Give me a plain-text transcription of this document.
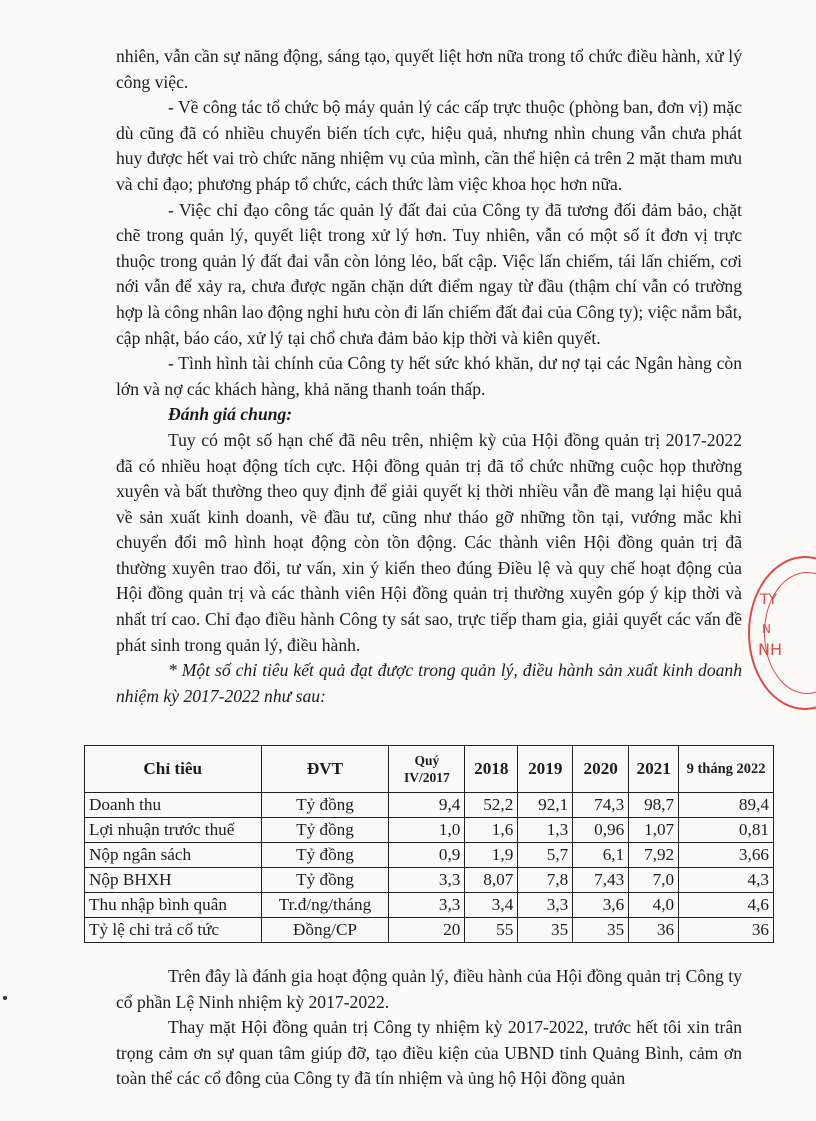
nhiên, vẫn cần sự năng động, sáng tạo, quyết liệt hơn nữa trong tổ chức điều hành, xử lý công việc.

- Về công tác tổ chức bộ máy quản lý các cấp trực thuộc (phòng ban, đơn vị) mặc dù cũng đã có nhiều chuyển biến tích cực, hiệu quả, nhưng nhìn chung vẫn chưa phát huy được hết vai trò chức năng nhiệm vụ của mình, cần thể hiện cả trên 2 mặt tham mưu và chỉ đạo; phương pháp tổ chức, cách thức làm việc khoa học hơn nữa.

- Việc chỉ đạo công tác quản lý đất đai của Công ty đã tương đối đảm bảo, chặt chẽ trong quản lý, quyết liệt trong xử lý hơn. Tuy nhiên, vẫn có một số ít đơn vị trực thuộc trong quản lý đất đai vẫn còn lỏng lẻo, bất cập. Việc lấn chiếm, tái lấn chiếm, cơi nới vẫn để xảy ra, chưa được ngăn chặn dứt điểm ngay từ đầu (thậm chí vẫn có trường hợp là công nhân lao động nghỉ hưu còn đi lấn chiếm đất đai của Công ty); việc nắm bắt, cập nhật, báo cáo, xử lý tại chổ chưa đảm bảo kịp thời và kiên quyết.

- Tình hình tài chính của Công ty hết sức khó khăn, dư nợ tại các Ngân hàng còn lớn và nợ các khách hàng, khả năng thanh toán thấp.

Đánh giá chung:

Tuy có một số hạn chế đã nêu trên, nhiệm kỳ của Hội đồng quản trị 2017-2022 đã có nhiều hoạt động tích cực. Hội đồng quản trị đã tổ chức những cuộc họp thường xuyên và bất thường theo quy định để giải quyết kị thời nhiều vẫn đề mang lại hiệu quả về sản xuất kinh doanh, về đầu tư, cũng như tháo gỡ những tồn tại, vướng mắc khi chuyển đổi mô hình hoạt động còn tồn động. Các thành viên Hội đồng quản trị đã thường xuyên trao đổi, tư vấn, xin ý kiến theo đúng Điều lệ và quy chế hoạt động của Hội đồng quản trị và các thành viên Hội đồng quản trị thường xuyên góp ý kịp thời và nhất trí cao. Chỉ đạo điều hành Công ty sát sao, trực tiếp tham gia, giải quyết các vấn đề phát sinh trong quản lý, điều hành.

* Một số chỉ tiêu kết quả đạt được trong quản lý, điều hành sản xuất kinh doanh nhiệm kỳ 2017-2022 như sau:

Chỉ tiêu	ĐVT	Quý IV/2017	2018	2019	2020	2021	9 tháng 2022
Doanh thu	Tỷ đồng	9,4	52,2	92,1	74,3	98,7	89,4
Lợi nhuận trước thuế	Tỷ đồng	1,0	1,6	1,3	0,96	1,07	0,81
Nộp ngân sách	Tỷ đồng	0,9	1,9	5,7	6,1	7,92	3,66
Nộp BHXH	Tỷ đồng	3,3	8,07	7,8	7,43	7,0	4,3
Thu nhập bình quân	Tr.đ/ng/tháng	3,3	3,4	3,3	3,6	4,0	4,6
Tỷ lệ chi trả cổ tức	Đồng/CP	20	55	35	35	36	36

Trên đây là đánh gia hoạt động quản lý, điều hành của Hội đồng quản trị Công ty cổ phần Lệ Ninh nhiệm kỳ 2017-2022.

Thay mặt Hội đồng quản trị Công ty nhiệm kỳ 2017-2022, trước hết tôi xin trân trọng cảm ơn sự quan tâm giúp đỡ, tạo điều kiện của UBND tỉnh Quảng Bình, cảm ơn toàn thể các cổ đông của Công ty đã tín nhiệm và ủng hộ Hội đồng quản

TY
N
NH
